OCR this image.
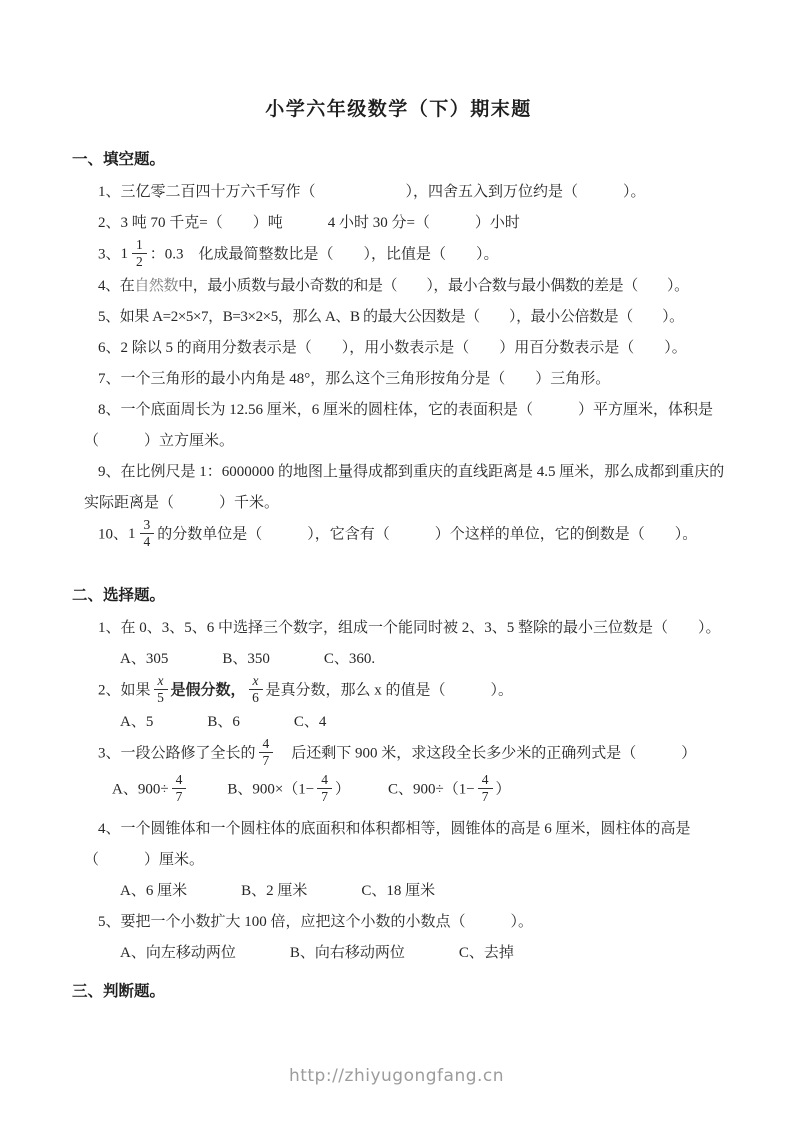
小学六年级数学（下）期末题
一、填空题。
1、三亿零二百四十万六千写作（　　　　　　），四舍五入到万位约是（　　　）。
2、3 吨 70 千克=（　　）吨　　　4 小时 30 分=（　　　）小时
3、$1 \frac{1}{2}$ ：0.3　化成最简整数比是（　　），比值是（　　）。
4、在自然数中，最小质数与最小奇数的和是（　　），最小合数与最小偶数的差是（　　）。
5、如果 A=2×5×7，B=3×2×5，那么 A、B 的最大公因数是（　　），最小公倍数是（　　）。
6、2 除以 5 的商用分数表示是（　　），用小数表示是（　　）用百分数表示是（　　）。
7、一个三角形的最小内角是 48°，那么这个三角形按角分是（　　）三角形。
8、一个底面周长为 12.56 厘米，6 厘米的圆柱体，它的表面积是（　　　）平方厘米，体积是（　　　）立方厘米。
9、在比例尺是 1：6000000 的地图上量得成都到重庆的直线距离是 4.5 厘米，那么成都到重庆的实际距离是（　　　）千米。
10、$1 \frac{3}{4}$ 的分数单位是（　　　），它含有（　　　）个这样的单位，它的倒数是（　　）。
二、选择题。
1、在 0、3、5、6 中选择三个数字，组成一个能同时被 2、3、5 整除的最小三位数是（　　）。
A、305	B、350	C、360.
2、如果 $\frac{x}{5}$ 是假分数， $\frac{x}{6}$ 是真分数，那么 x 的值是（　　　）。
A、5	B、6	C、4
3、一段公路修了全长的 $\frac{4}{7}$ 　后还剩下 900 米，求这段全长多少米的正确列式是（　　　）
A、$900\div \frac{4}{7}$	B、$900\times(1- \frac{4}{7}$ ）	C、$900\div(1- \frac{4}{7}$ ）
4、一个圆锥体和一个圆柱体的底面积和体积都相等，圆锥体的高是 6 厘米，圆柱体的高是（　　　）厘米。
A、6 厘米	B、2 厘米	C、18 厘米
5、要把一个小数扩大 100 倍，应把这个小数的小数点（　　　）。
A、向左移动两位	B、向右移动两位	C、去掉
三、判断题。
http://zhiyugongfang.cn
